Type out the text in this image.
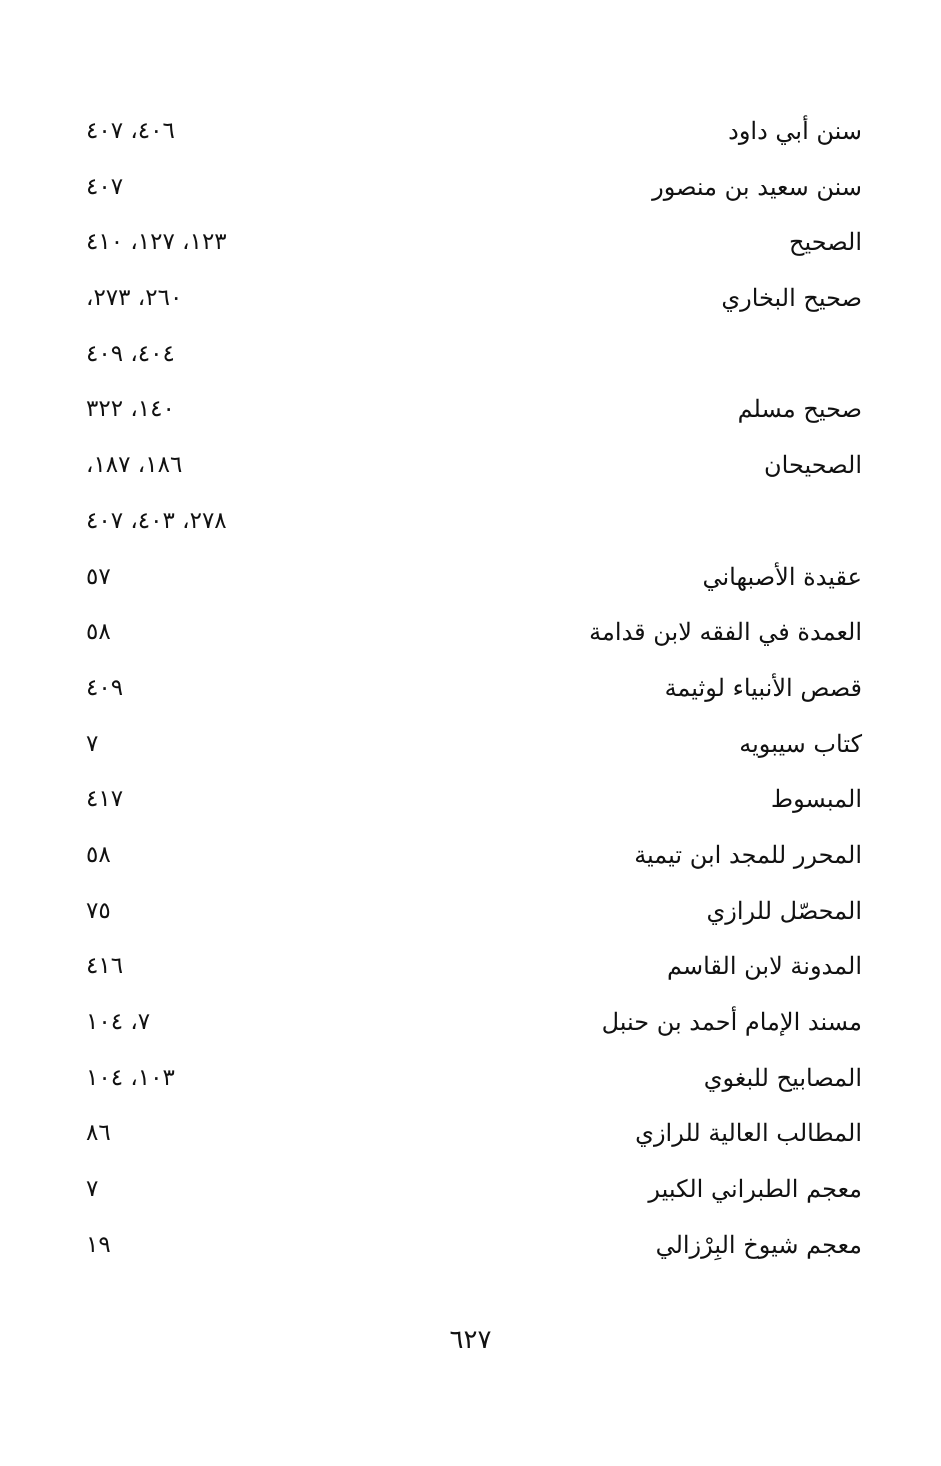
سنن أبي داود
٤٠٦، ٤٠٧
سنن سعيد بن منصور
٤٠٧
الصحيح
١٢٣، ١٢٧، ٤١٠
صحيح البخاري
٢٦٠، ٢٧٣،
٤٠٤، ٤٠٩
صحيح مسلم
١٤٠، ٣٢٢
الصحيحان
١٨٦، ١٨٧،
٢٧٨، ٤٠٣، ٤٠٧
عقيدة الأصبهاني
٥٧
العمدة في الفقه لابن قدامة
٥٨
قصص الأنبياء لوثيمة
٤٠٩
كتاب سيبويه
٧
المبسوط
٤١٧
المحرر للمجد ابن تيمية
٥٨
المحصّل للرازي
٧٥
المدونة لابن القاسم
٤١٦
مسند الإمام أحمد بن حنبل
٧، ١٠٤
المصابيح للبغوي
١٠٣، ١٠٤
المطالب العالية للرازي
٨٦
معجم الطبراني الكبير
٧
معجم شيوخ البِرْزالي
١٩
٦٢٧
